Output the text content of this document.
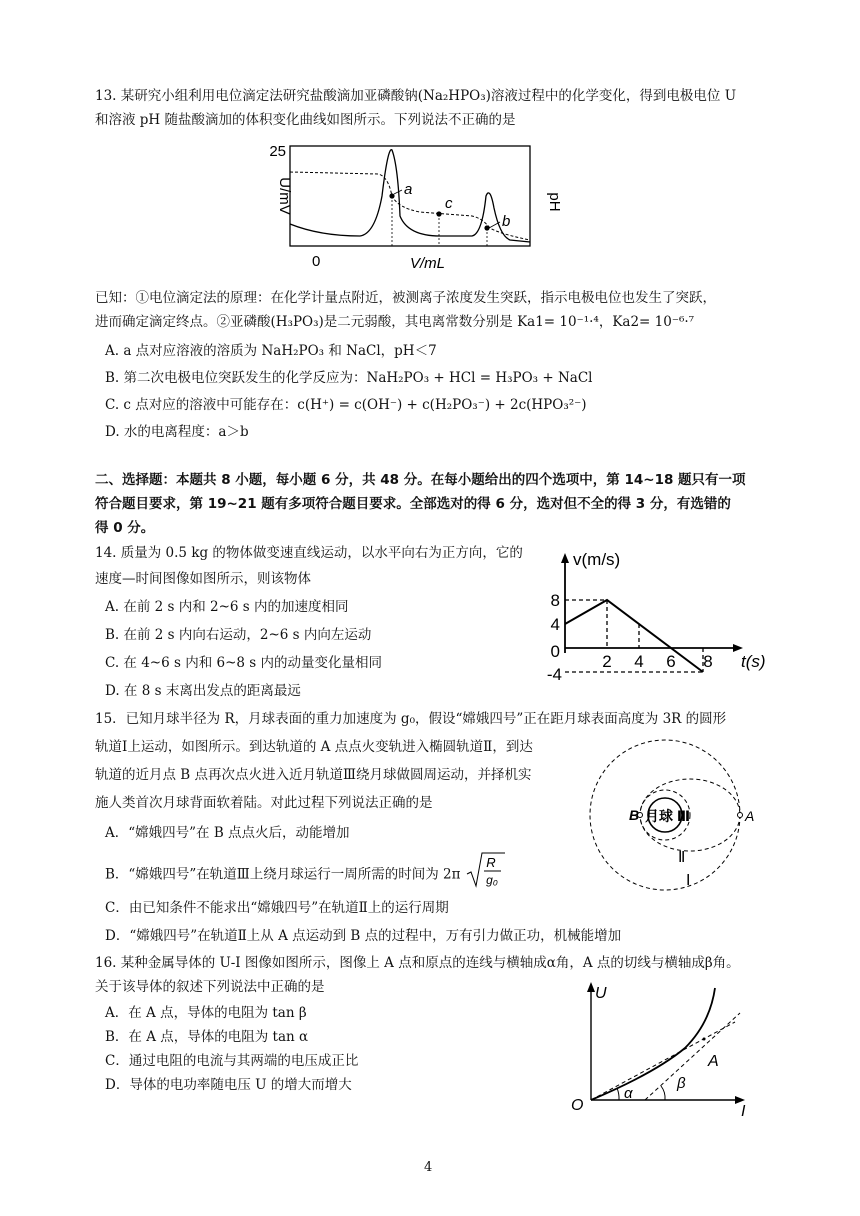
13. 某研究小组利用电位滴定法研究盐酸滴加亚磷酸钠(Na₂HPO₃)溶液过程中的化学变化，得到电极电位 U
和溶液 pH 随盐酸滴加的体积变化曲线如图所示。下列说法不正确的是
a
c
b
25
U/mV	pH
0	V/mL
已知：①电位滴定法的原理：在化学计量点附近，被测离子浓度发生突跃，指示电极电位也发生了突跃，
进而确定滴定终点。②亚磷酸(H₃PO₃)是二元弱酸，其电离常数分别是 Ka1= 10⁻¹·⁴，Ka2= 10⁻⁶·⁷
A. a 点对应溶液的溶质为 NaH₂PO₃ 和 NaCl，pH＜7
B. 第二次电极电位突跃发生的化学反应为：NaH₂PO₃ + HCl = H₃PO₃ + NaCl
C. c 点对应的溶液中可能存在：c(H⁺) = c(OH⁻) + c(H₂PO₃⁻) + 2c(HPO₃²⁻)
D. 水的电离程度：a＞b
二、选择题：本题共 8 小题，每小题 6 分，共 48 分。在每小题给出的四个选项中，第 14~18 题只有一项
符合题目要求，第 19~21 题有多项符合题目要求。全部选对的得 6 分，选对但不全的得 3 分，有选错的
得 0 分。
14. 质量为 0.5 kg 的物体做变速直线运动，以水平向右为正方向，它的
速度—时间图像如图所示，则该物体
A. 在前 2 s 内和 2~6 s 内的加速度相同
B. 在前 2 s 内向右运动，2~6 s 内向左运动
C. 在 4~6 s 内和 6~8 s 内的动量变化量相同
D. 在 8 s 末离出发点的距离最远
v(m/s)
t(s)
8
4
0
-4
2 4 6 8
15．已知月球半径为 R，月球表面的重力加速度为 g₀，假设“嫦娥四号”正在距月球表面高度为 3R 的圆形
轨道Ⅰ上运动，如图所示。到达轨道的 A 点点火变轨进入椭圆轨道Ⅱ，到达
轨道的近月点 B 点再次点火进入近月轨道Ⅲ绕月球做圆周运动，并择机实
施人类首次月球背面软着陆。对此过程下列说法正确的是
A．“嫦娥四号”在 B 点点火后，动能增加
B．“嫦娥四号”在轨道Ⅲ上绕月球运行一周所需的时间为 2π
R
g₀
C．由已知条件不能求出“嫦娥四号”在轨道Ⅱ上的运行周期
D．“嫦娥四号”在轨道Ⅱ上从 A 点运动到 B 点的过程中，万有引力做正功，机械能增加
B 月球 Ⅲ	A
Ⅱ
Ⅰ
16. 某种金属导体的 U-I 图像如图所示，图像上 A 点和原点的连线与横轴成α角，A 点的切线与横轴成β角。
关于该导体的叙述下列说法中正确的是
A．在 A 点，导体的电阻为 tan β
B．在 A 点，导体的电阻为 tan α
C．通过电阻的电流与其两端的电压成正比
D．导体的电功率随电压 U 的增大而增大
U
I
O
A
α
β
4
